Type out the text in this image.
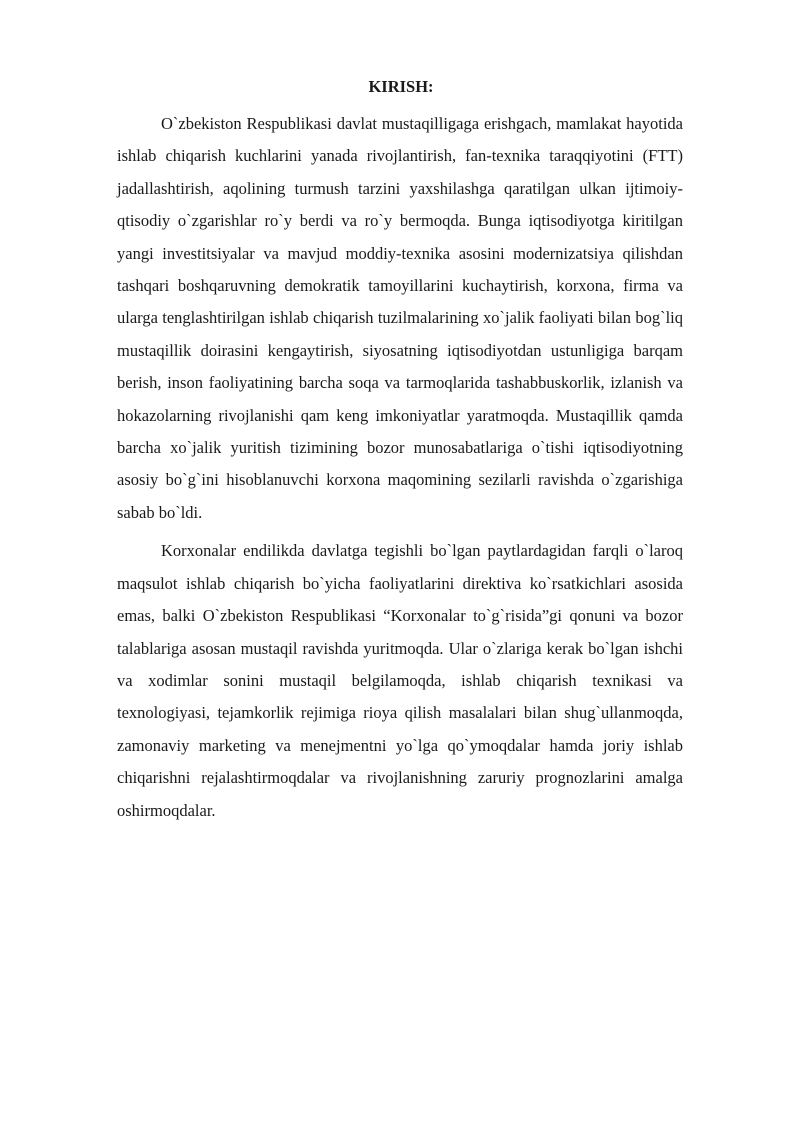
KIRISH:

O`zbekiston Respublikasi davlat mustaqilligaga erishgach, mamlakat hayotida ishlab chiqarish kuchlarini yanada rivojlantirish, fan-texnika taraqqiyotini (FTT) jadallashtirish, aqolining turmush tarzini yaxshilashga qaratilgan ulkan ijtimoiy-qtisodiy o`zgarishlar ro`y berdi va ro`y bermoqda. Bunga iqtisodiyotga kiritilgan yangi investitsiyalar va mavjud moddiy-texnika asosini modernizatsiya qilishdan tashqari boshqaruvning demokratik tamoyillarini kuchaytirish, korxona, firma va ularga tenglashtirilgan ishlab chiqarish tuzilmalarining xo`jalik faoliyati bilan bog`liq mustaqillik doirasini kengaytirish, siyosatning iqtisodiyotdan ustunligiga barqam berish, inson faoliyatining barcha soqa va tarmoqlarida tashabbuskorlik, izlanish va hokazolarning rivojlanishi qam keng imkoniyatlar yaratmoqda. Mustaqillik qamda barcha xo`jalik yuritish tizimining bozor munosabatlariga o`tishi iqtisodiyotning asosiy bo`g`ini hisoblanuvchi korxona maqomining sezilarli ravishda o`zgarishiga sabab bo`ldi.

Korxonalar endilikda davlatga tegishli bo`lgan paytlardagidan farqli o`laroq maqsulot ishlab chiqarish bo`yicha faoliyatlarini direktiva ko`rsatkichlari asosida emas, balki O`zbekiston Respublikasi “Korxonalar to`g`risida”gi qonuni va bozor talablariga asosan mustaqil ravishda yuritmoqda. Ular o`zlariga kerak bo`lgan ishchi va xodimlar sonini mustaqil belgilamoqda, ishlab chiqarish texnikasi va texnologiyasi, tejamkorlik rejimiga rioya qilish masalalari bilan shug`ullanmoqda, zamonaviy marketing va menejmentni yo`lga qo`ymoqdalar hamda joriy ishlab chiqarishni rejalashtirmoqdalar va rivojlanishning zaruriy prognozlarini amalga oshirmoqdalar.
